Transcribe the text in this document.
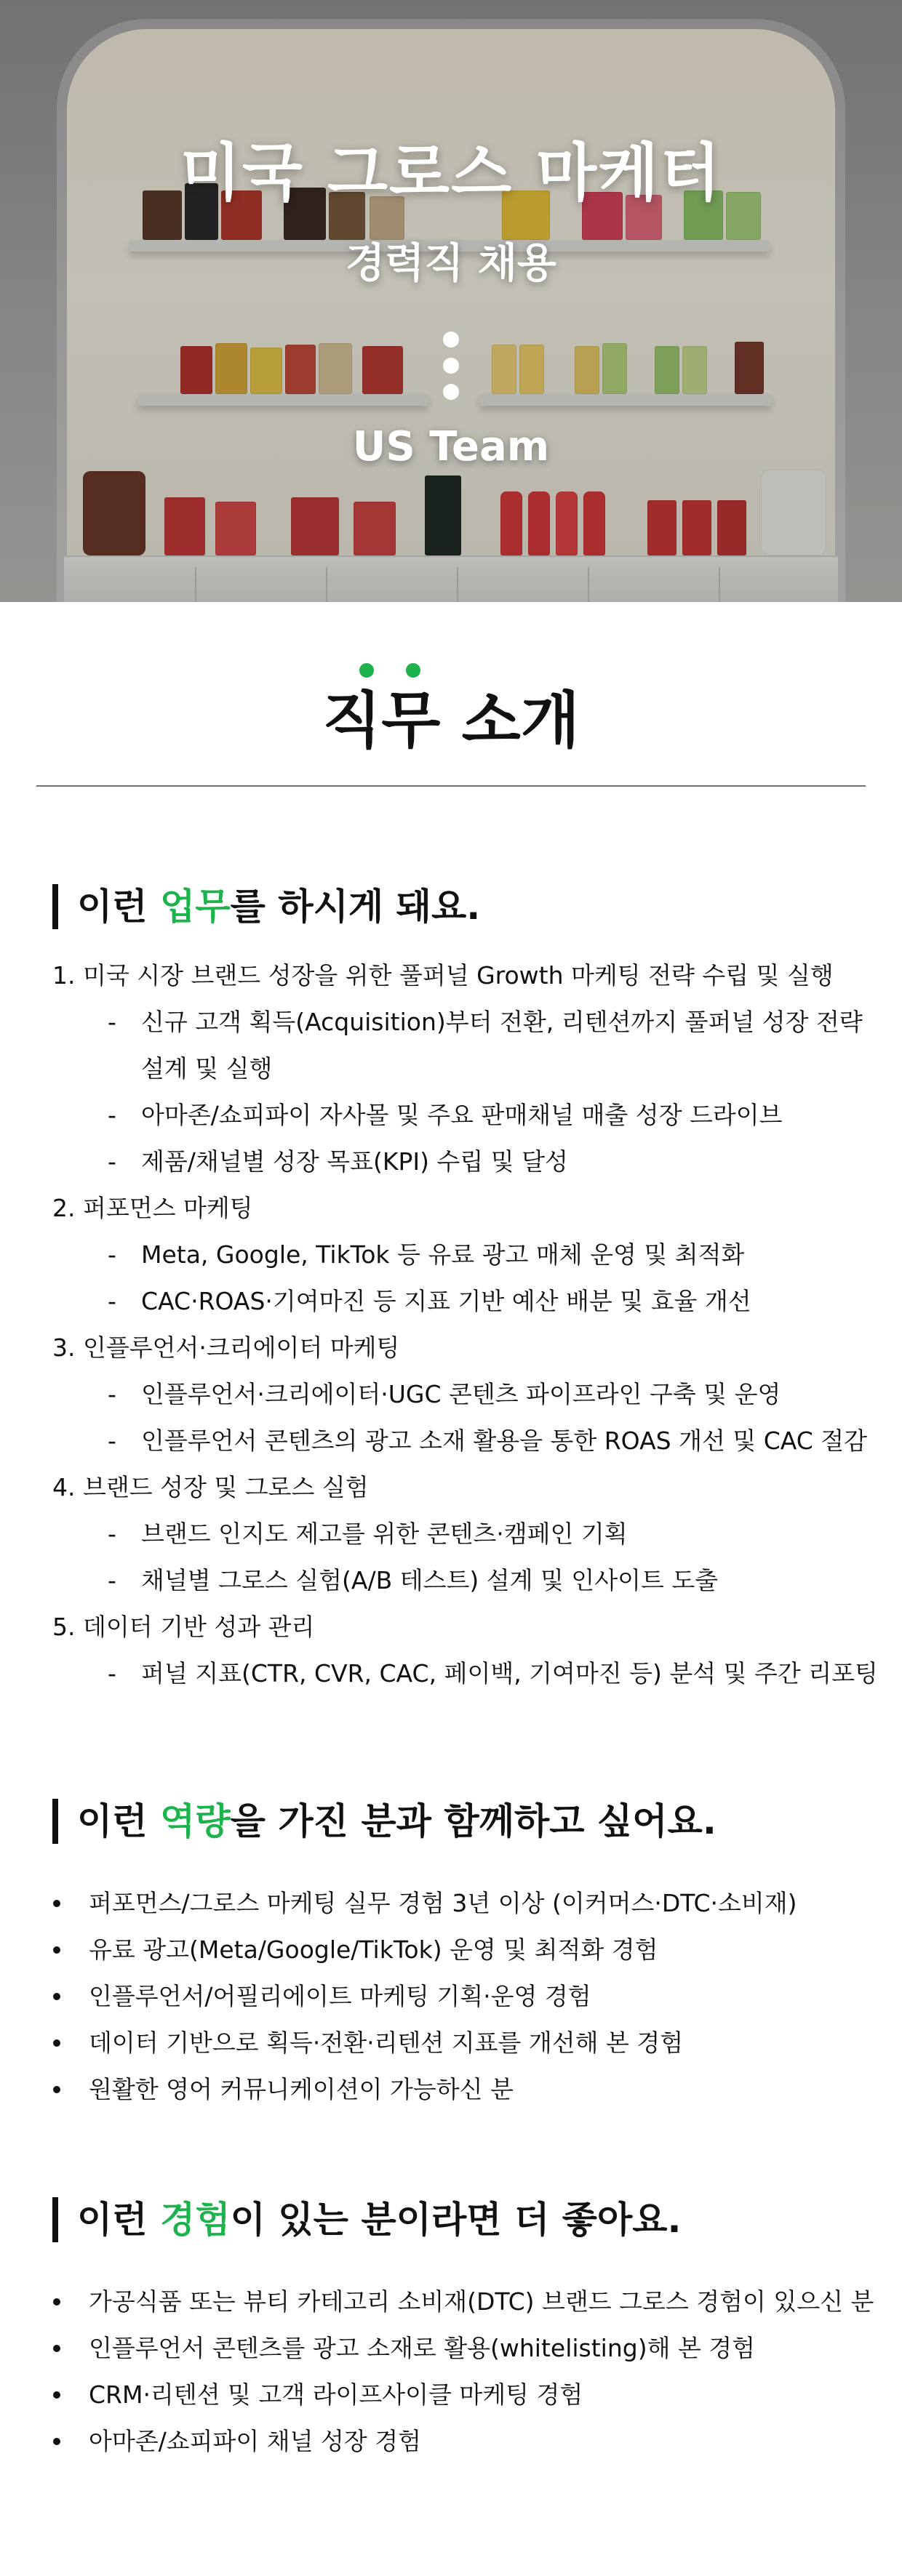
미국 그로스 마케터
경력직 채용
US Team
직무 소개
이런 업무를 하시게 돼요.
1. 미국 시장 브랜드 성장을 위한 풀퍼널 Growth 마케팅 전략 수립 및 실행
- 신규 고객 획득(Acquisition)부터 전환, 리텐션까지 풀퍼널 성장 전략
설계 및 실행
- 아마존/쇼피파이 자사몰 및 주요 판매채널 매출 성장 드라이브
- 제품/채널별 성장 목표(KPI) 수립 및 달성
2. 퍼포먼스 마케팅
- Meta, Google, TikTok 등 유료 광고 매체 운영 및 최적화
- CAC·ROAS·기여마진 등 지표 기반 예산 배분 및 효율 개선
3. 인플루언서·크리에이터 마케팅
- 인플루언서·크리에이터·UGC 콘텐츠 파이프라인 구축 및 운영
- 인플루언서 콘텐츠의 광고 소재 활용을 통한 ROAS 개선 및 CAC 절감
4. 브랜드 성장 및 그로스 실험
- 브랜드 인지도 제고를 위한 콘텐츠·캠페인 기획
- 채널별 그로스 실험(A/B 테스트) 설계 및 인사이트 도출
5. 데이터 기반 성과 관리
- 퍼널 지표(CTR, CVR, CAC, 페이백, 기여마진 등) 분석 및 주간 리포팅
이런 역량을 가진 분과 함께하고 싶어요.
퍼포먼스/그로스 마케팅 실무 경험 3년 이상 (이커머스·DTC·소비재)
유료 광고(Meta/Google/TikTok) 운영 및 최적화 경험
인플루언서/어필리에이트 마케팅 기획·운영 경험
데이터 기반으로 획득·전환·리텐션 지표를 개선해 본 경험
원활한 영어 커뮤니케이션이 가능하신 분
이런 경험이 있는 분이라면 더 좋아요.
가공식품 또는 뷰티 카테고리 소비재(DTC) 브랜드 그로스 경험이 있으신 분
인플루언서 콘텐츠를 광고 소재로 활용(whitelisting)해 본 경험
CRM·리텐션 및 고객 라이프사이클 마케팅 경험
아마존/쇼피파이 채널 성장 경험
